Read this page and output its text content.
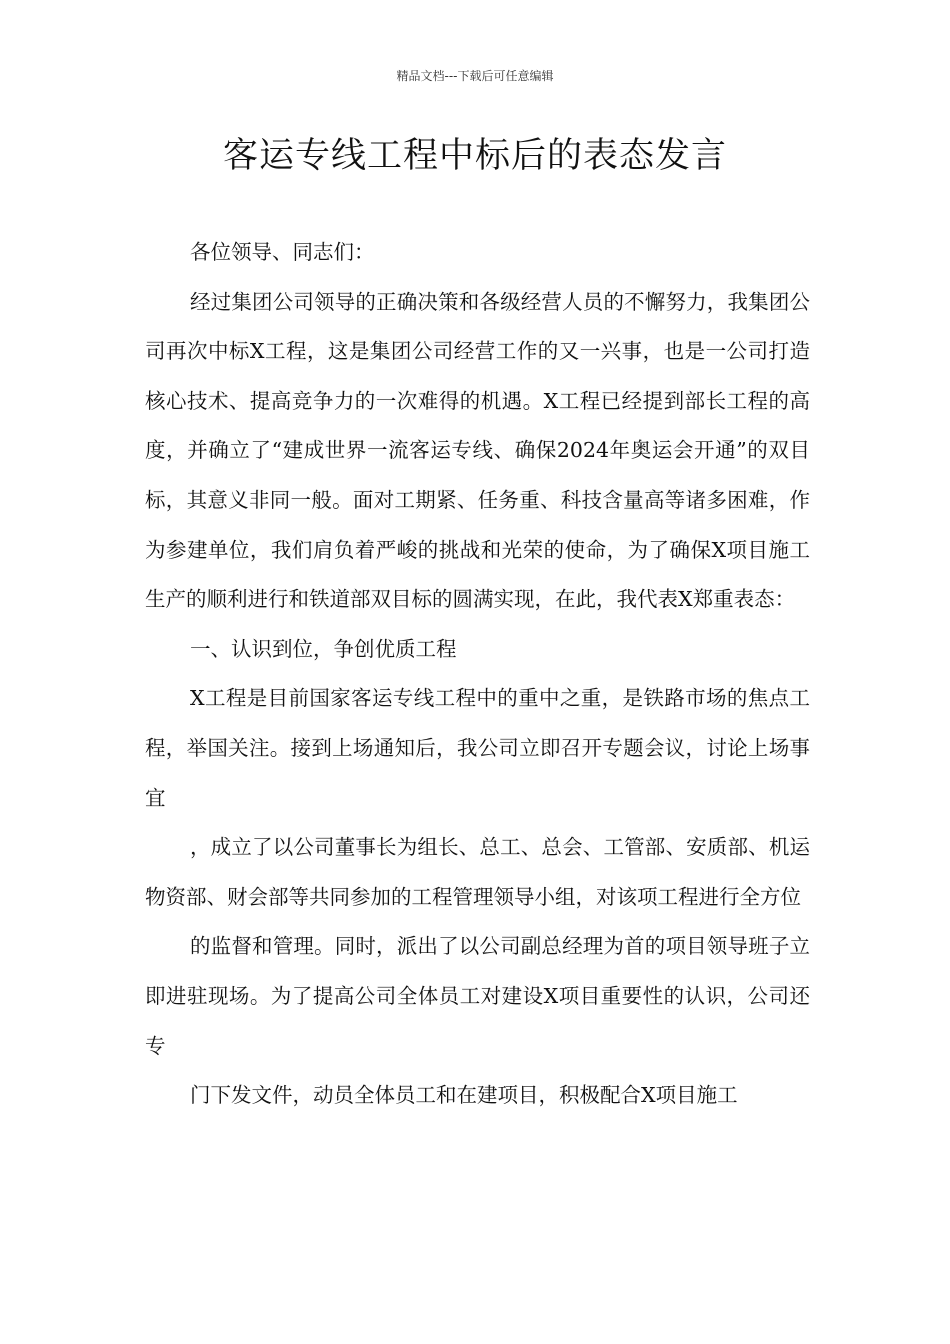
精品文档---下载后可任意编辑
客运专线工程中标后的表态发言

各位领导、同志们：

经过集团公司领导的正确决策和各级经营人员的不懈努力，我集团公司再次中标X工程，这是集团公司经营工作的又一兴事，也是一公司打造核心技术、提高竞争力的一次难得的机遇。X工程已经提到部长工程的高度，并确立了“建成世界一流客运专线、确保2024年奥运会开通”的双目标，其意义非同一般。面对工期紧、任务重、科技含量高等诸多困难，作为参建单位，我们肩负着严峻的挑战和光荣的使命，为了确保X项目施工生产的顺利进行和铁道部双目标的圆满实现，在此，我代表X郑重表态：

一、认识到位，争创优质工程

X工程是目前国家客运专线工程中的重中之重，是铁路市场的焦点工程，举国关注。接到上场通知后，我公司立即召开专题会议，讨论上场事宜

，成立了以公司董事长为组长、总工、总会、工管部、安质部、机运物资部、财会部等共同参加的工程管理领导小组，对该项工程进行全方位

的监督和管理。同时，派出了以公司副总经理为首的项目领导班子立即进驻现场。为了提高公司全体员工对建设X项目重要性的认识，公司还专

门下发文件，动员全体员工和在建项目，积极配合X项目施工
